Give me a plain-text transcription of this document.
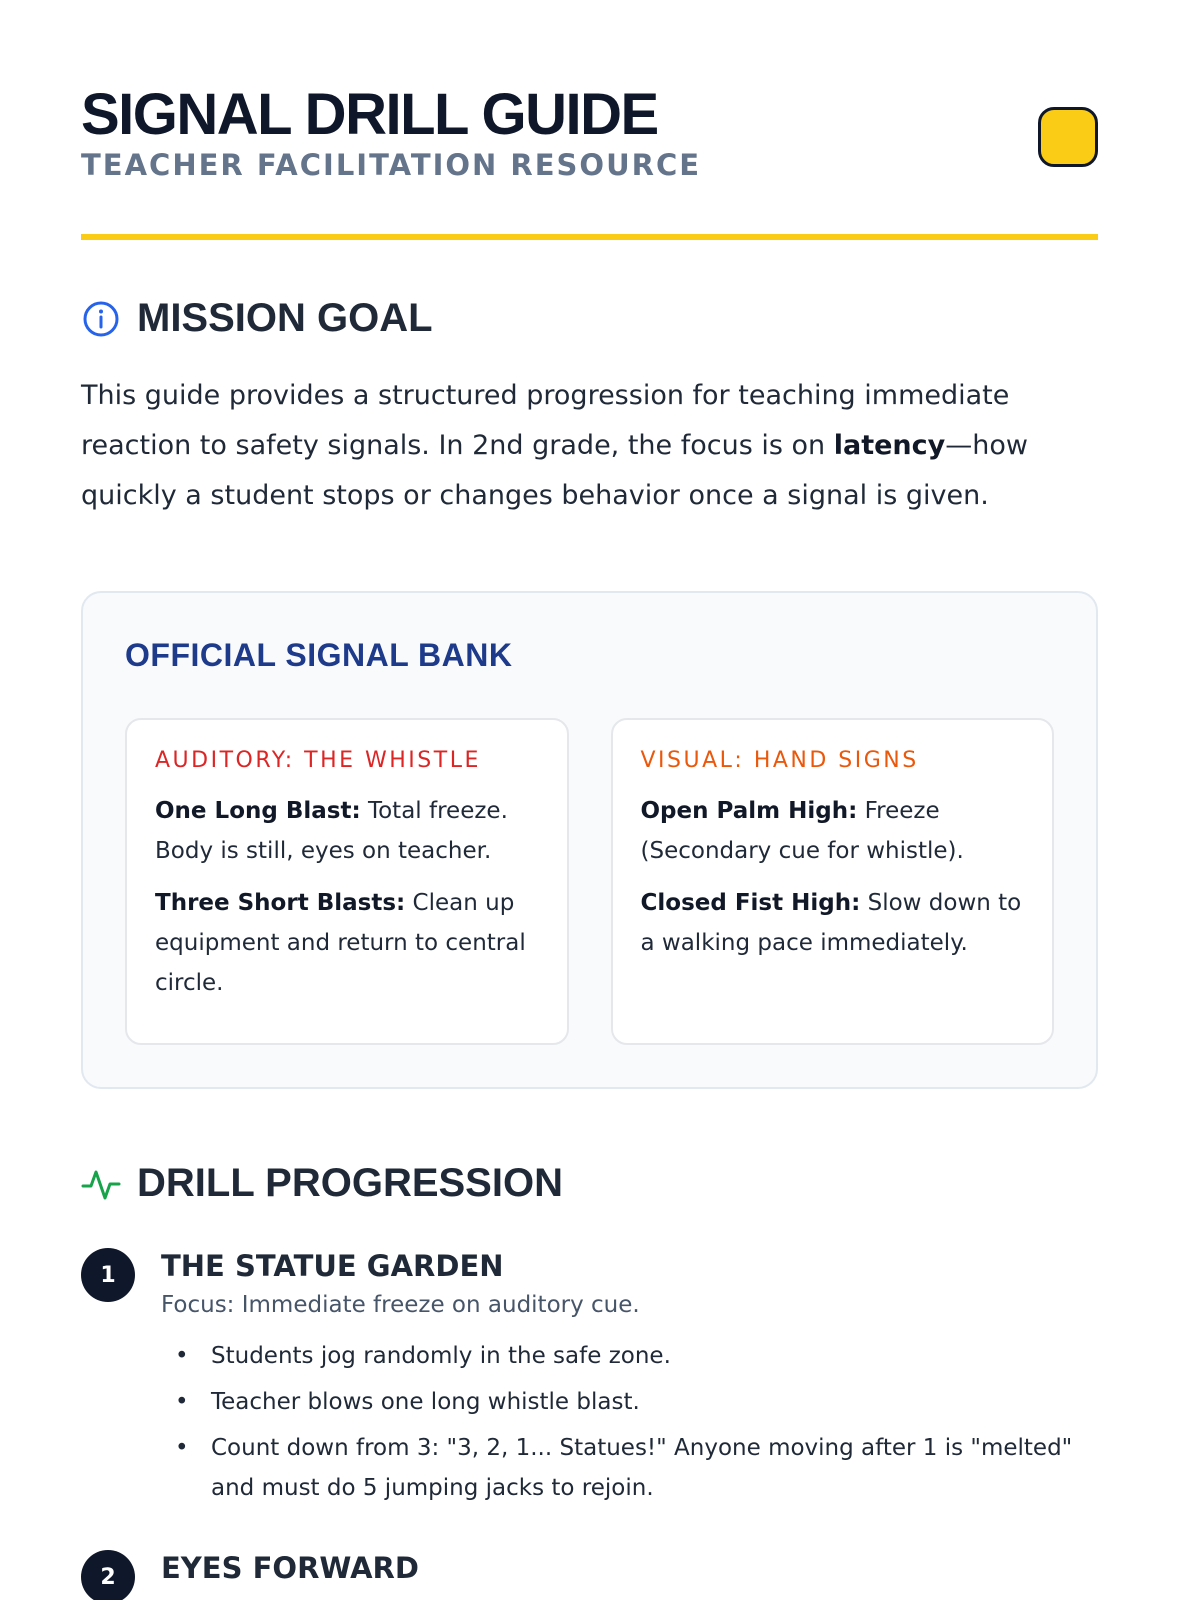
SIGNAL DRILL GUIDE
TEACHER FACILITATION RESOURCE
MISSION GOAL

This guide provides a structured progression for teaching immediate reaction to safety signals. In 2nd grade, the focus is on latency—how quickly a student stops or changes behavior once a signal is given.

OFFICIAL SIGNAL BANK
AUDITORY: THE WHISTLE

One Long Blast: Total freeze. Body is still, eyes on teacher.

Three Short Blasts: Clean up equipment and return to central circle.

VISUAL: HAND SIGNS

Open Palm High: Freeze (Secondary cue for whistle).

Closed Fist High: Slow down to a walking pace immediately.

DRILL PROGRESSION
1	THE STATUE GARDEN
Focus: Immediate freeze on auditory cue.
• Students jog randomly in the safe zone.
• Teacher blows one long whistle blast.
• Count down from 3: "3, 2, 1... Statues!" Anyone moving after 1 is "melted" and must do 5 jumping jacks to rejoin.
2	EYES FORWARD
